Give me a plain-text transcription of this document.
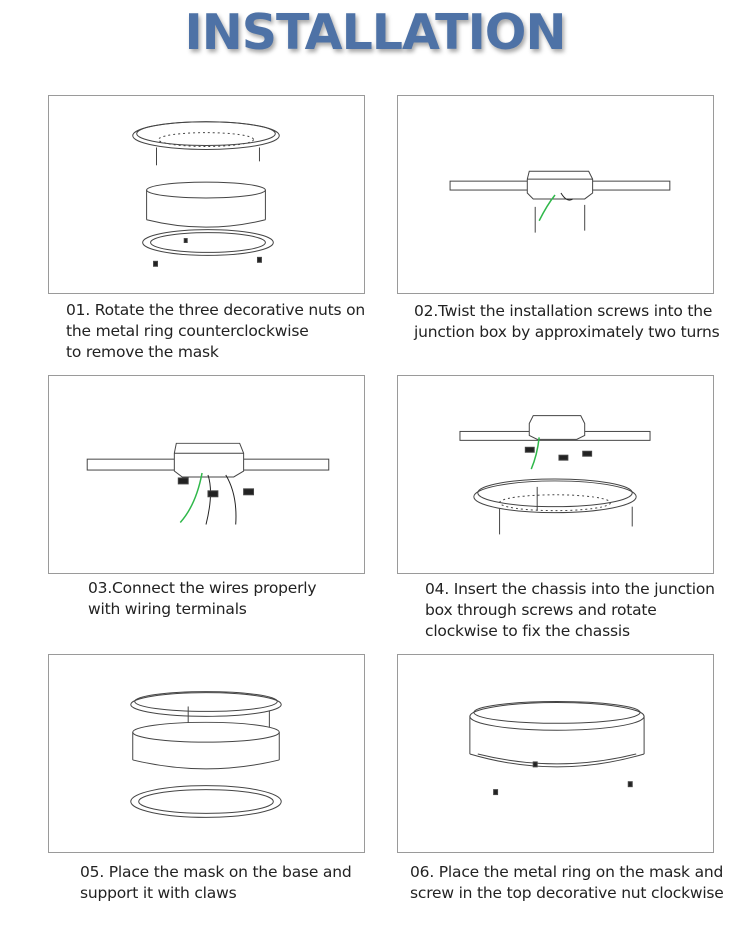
INSTALLATION
01. Rotate the three decorative nuts on
the metal ring counterclockwise
to remove the mask
02.Twist the installation screws into the
junction box by approximately two turns
03.Connect the wires properly
with wiring terminals
04. Insert the chassis into the junction
box through screws and rotate
clockwise to fix the chassis
05. Place the mask on the base and
support it with claws
06. Place the metal ring on the mask and
screw in the top decorative nut clockwise
